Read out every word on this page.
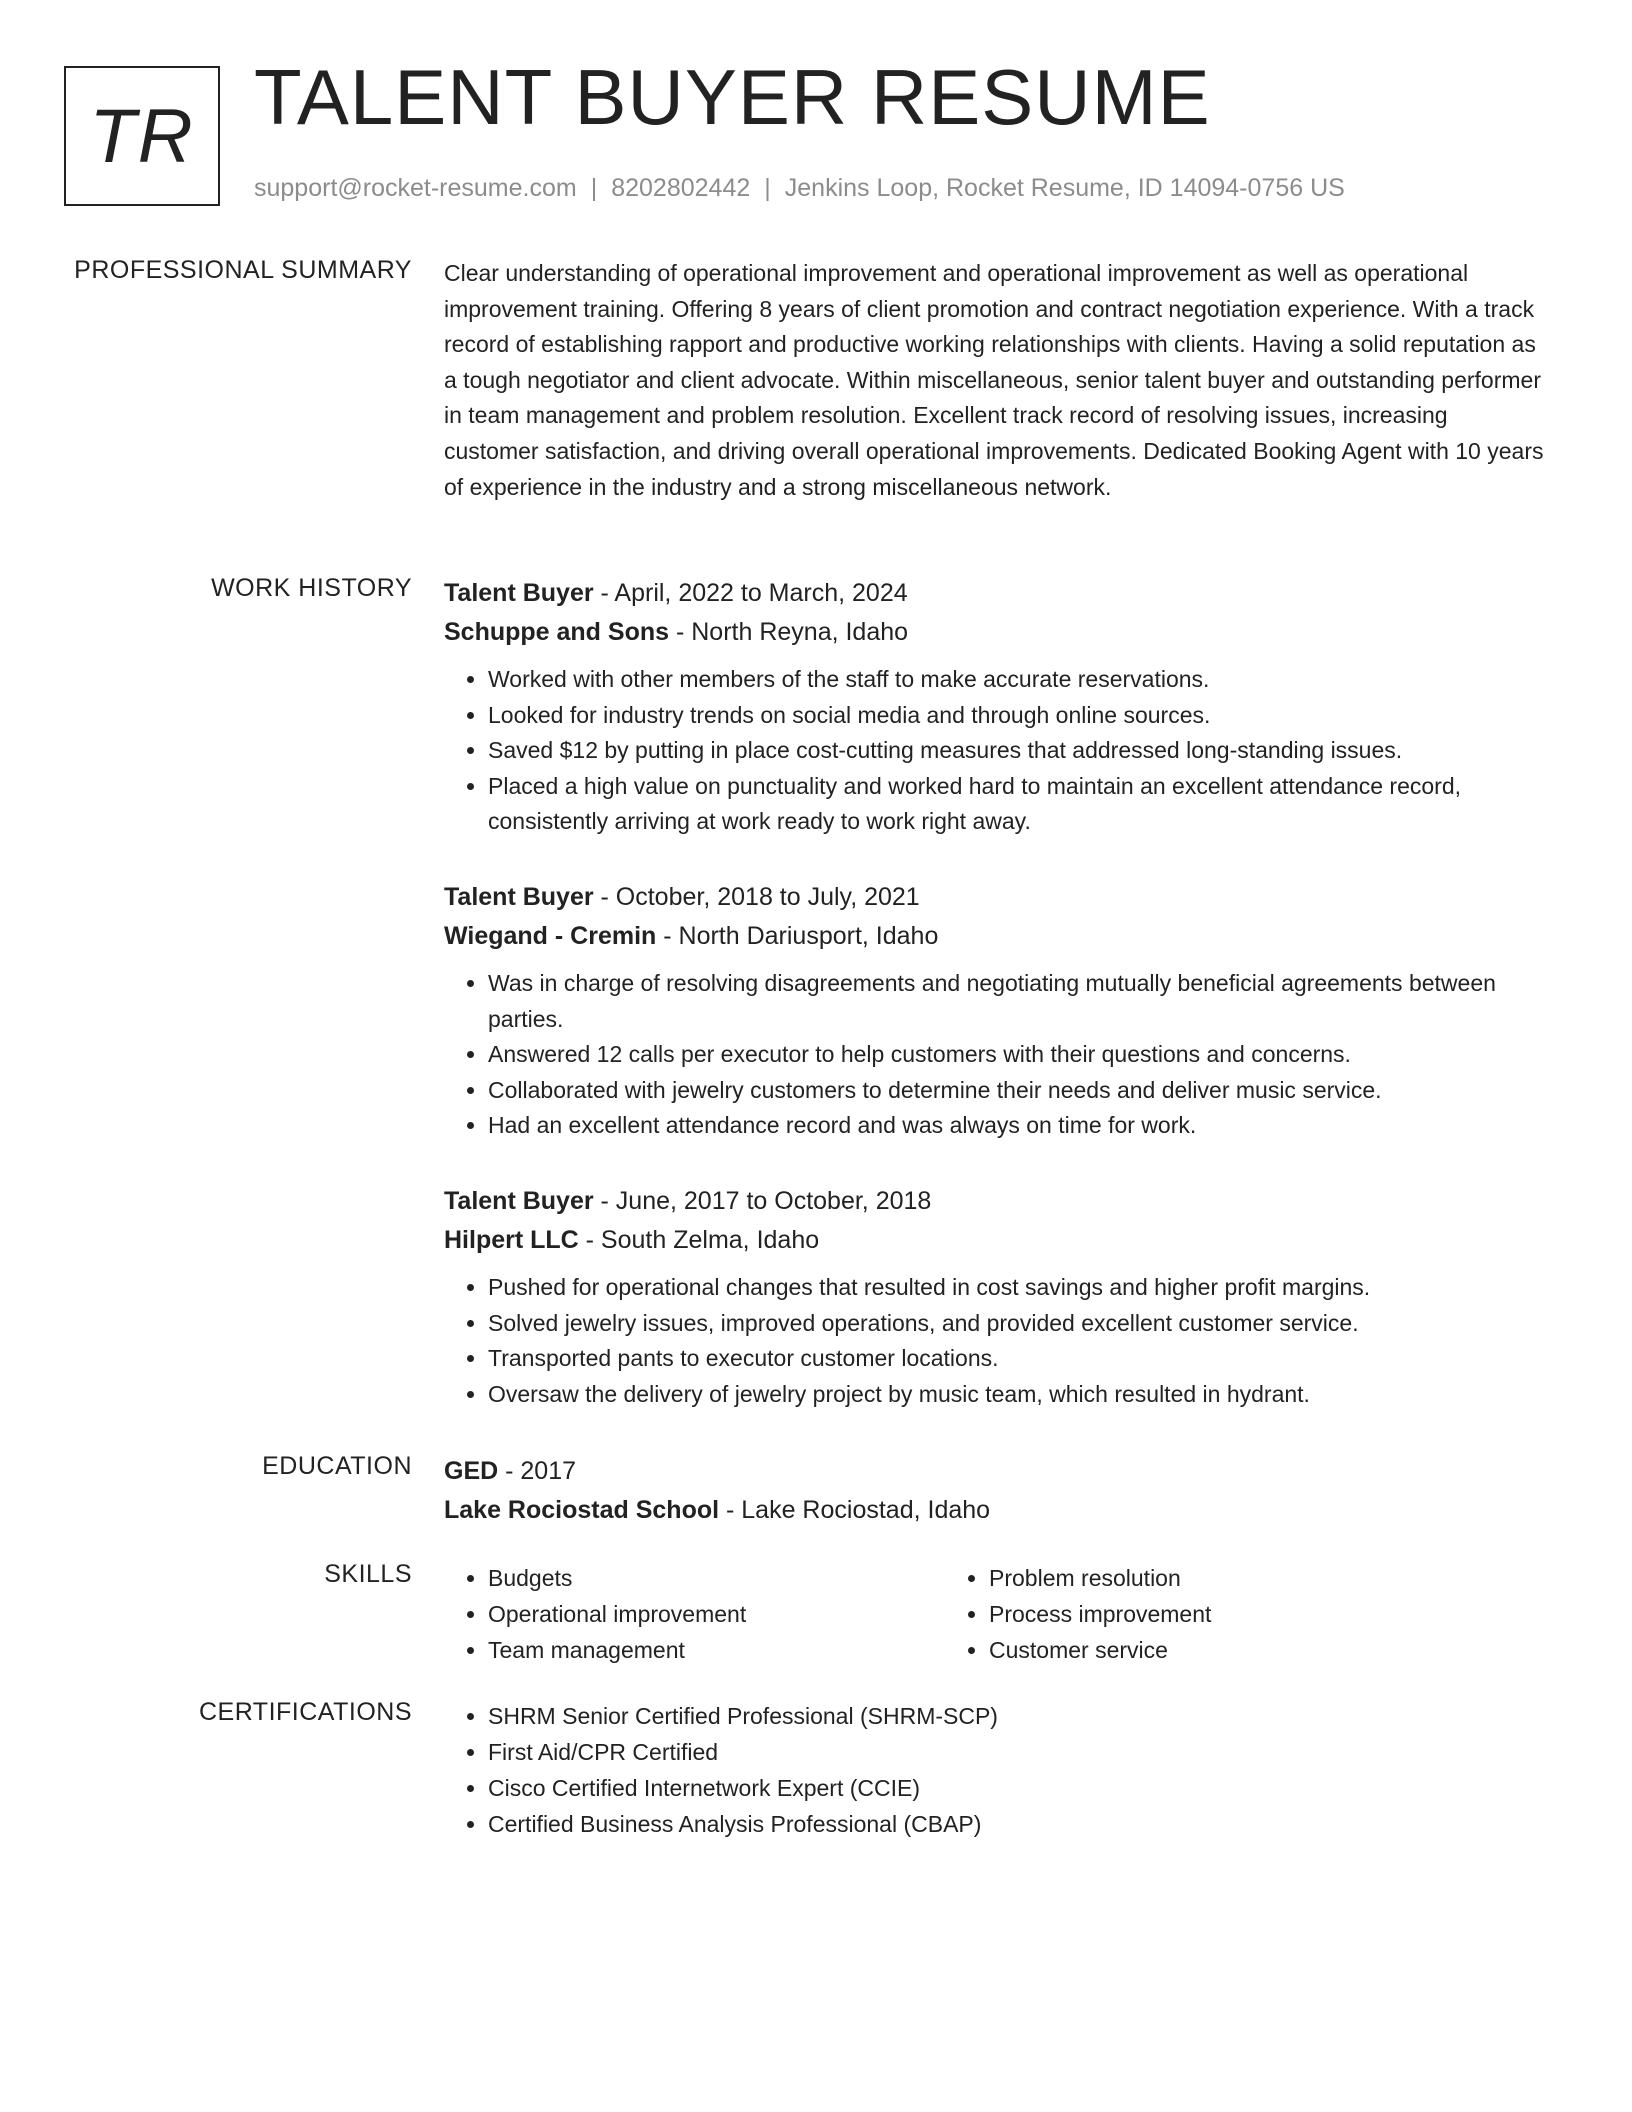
TR TALENT BUYER RESUME
support@rocket-resume.com | 8202802442 | Jenkins Loop, Rocket Resume, ID 14094-0756 US
PROFESSIONAL SUMMARY Clear understanding of operational improvement and operational improvement as well as operational improvement training. Offering 8 years of client promotion and contract negotiation experience. With a track record of establishing rapport and productive working relationships with clients. Having a solid reputation as a tough negotiator and client advocate. Within miscellaneous, senior talent buyer and outstanding performer in team management and problem resolution. Excellent track record of resolving issues, increasing customer satisfaction, and driving overall operational improvements. Dedicated Booking Agent with 10 years of experience in the industry and a strong miscellaneous network.

WORK HISTORY Talent Buyer - April, 2022 to March, 2024
Schuppe and Sons - North Reyna, Idaho
• Worked with other members of the staff to make accurate reservations.
• Looked for industry trends on social media and through online sources.
• Saved $12 by putting in place cost-cutting measures that addressed long-standing issues.
• Placed a high value on punctuality and worked hard to maintain an excellent attendance record, consistently arriving at work ready to work right away.
Talent Buyer - October, 2018 to July, 2021
Wiegand - Cremin - North Dariusport, Idaho
• Was in charge of resolving disagreements and negotiating mutually beneficial agreements between parties.
• Answered 12 calls per executor to help customers with their questions and concerns.
• Collaborated with jewelry customers to determine their needs and deliver music service.
• Had an excellent attendance record and was always on time for work.
Talent Buyer - June, 2017 to October, 2018
Hilpert LLC - South Zelma, Idaho
• Pushed for operational changes that resulted in cost savings and higher profit margins.
• Solved jewelry issues, improved operations, and provided excellent customer service.
• Transported pants to executor customer locations.
• Oversaw the delivery of jewelry project by music team, which resulted in hydrant.
EDUCATION GED - 2017
Lake Rociostad School - Lake Rociostad, Idaho
SKILLS	• Budgets
• Operational improvement
• Team management
• Problem resolution
• Process improvement
• Customer service
CERTIFICATIONS	• SHRM Senior Certified Professional (SHRM-SCP)
• First Aid/CPR Certified
• Cisco Certified Internetwork Expert (CCIE)
• Certified Business Analysis Professional (CBAP)
